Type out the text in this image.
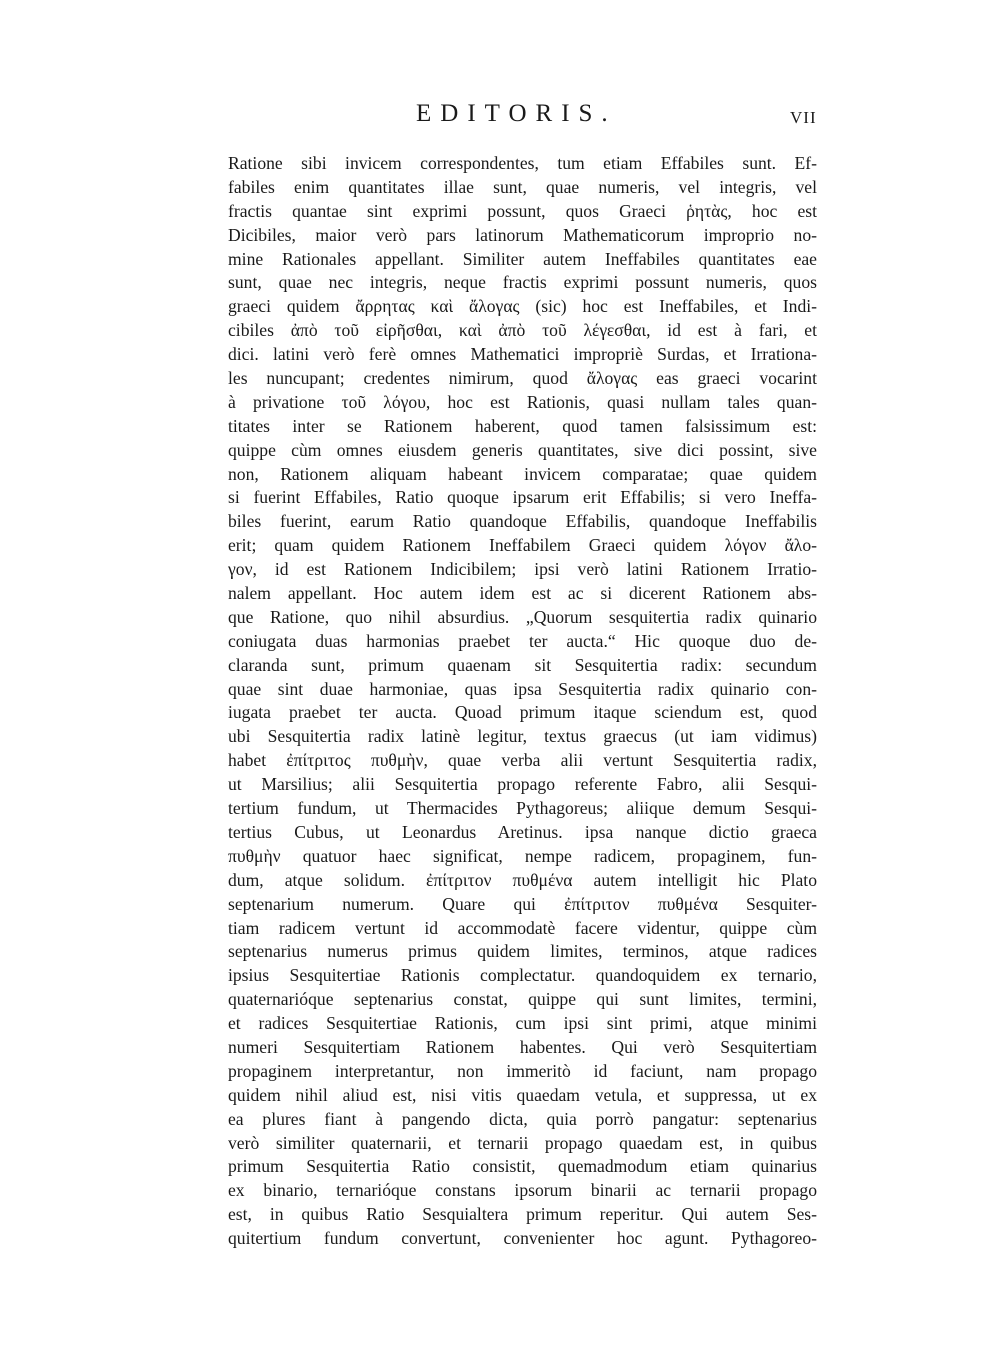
EDITORIS.	VII
Ratione sibi invicem correspondentes, tum etiam Effabiles sunt. Ef-
fabiles enim quantitates illae sunt, quae numeris, vel integris, vel
fractis quantae sint exprimi possunt, quos Graeci ῥητὰς, hoc est
Dicibiles, maior verò pars latinorum Mathematicorum improprio no-
mine Rationales appellant. Similiter autem Ineffabiles quantitates eae
sunt, quae nec integris, neque fractis exprimi possunt numeris, quos
graeci quidem ἄρρητας καὶ ἄλογας (sic) hoc est Ineffabiles, et Indi-
cibiles ἀπὸ τοῦ εἰρῆσθαι, καὶ ἀπὸ τοῦ λέγεσθαι, id est à fari, et
dici. latini verò ferè omnes Mathematici impropriè Surdas, et Irrationa-
les nuncupant; credentes nimirum, quod ἄλογας eas graeci vocarint
à privatione τοῦ λόγου, hoc est Rationis, quasi nullam tales quan-
titates inter se Rationem haberent, quod tamen falsissimum est:
quippe cùm omnes eiusdem generis quantitates, sive dici possint, sive
non, Rationem aliquam habeant invicem comparatae; quae quidem
si fuerint Effabiles, Ratio quoque ipsarum erit Effabilis; si vero Ineffa-
biles fuerint, earum Ratio quandoque Effabilis, quandoque Ineffabilis
erit; quam quidem Rationem Ineffabilem Graeci quidem λόγον ἄλο-
γον, id est Rationem Indicibilem; ipsi verò latini Rationem Irratio-
nalem appellant. Hoc autem idem est ac si dicerent Rationem abs-
que Ratione, quo nihil absurdius. „Quorum sesquitertia radix quinario
coniugata duas harmonias praebet ter aucta.“ Hic quoque duo de-
claranda sunt, primum quaenam sit Sesquitertia radix: secundum
quae sint duae harmoniae, quas ipsa Sesquitertia radix quinario con-
iugata praebet ter aucta. Quoad primum itaque sciendum est, quod
ubi Sesquitertia radix latinè legitur, textus graecus (ut iam vidimus)
habet ἐπίτριτος πυθμὴν, quae verba alii vertunt Sesquitertia radix,
ut Marsilius; alii Sesquitertia propago referente Fabro, alii Sesqui-
tertium fundum, ut Thermacides Pythagoreus; aliique demum Sesqui-
tertius Cubus, ut Leonardus Aretinus. ipsa nanque dictio graeca
πυθμὴν quatuor haec significat, nempe radicem, propaginem, fun-
dum, atque solidum. ἐπίτριτον πυθμένα autem intelligit hic Plato
septenarium numerum. Quare qui ἐπίτριτον πυθμένα Sesquiter-
tiam radicem vertunt id accommodatè facere videntur, quippe cùm
septenarius numerus primus quidem limites, terminos, atque radices
ipsius Sesquitertiae Rationis complectatur. quandoquidem ex ternario,
quaternarióque septenarius constat, quippe qui sunt limites, termini,
et radices Sesquitertiae Rationis, cum ipsi sint primi, atque minimi
numeri Sesquitertiam Rationem habentes. Qui verò Sesquitertiam
propaginem interpretantur, non immeritò id faciunt, nam propago
quidem nihil aliud est, nisi vitis quaedam vetula, et suppressa, ut ex
ea plures fiant à pangendo dicta, quia porrò pangatur: septenarius
verò similiter quaternarii, et ternarii propago quaedam est, in quibus
primum Sesquitertia Ratio consistit, quemadmodum etiam quinarius
ex binario, ternarióque constans ipsorum binarii ac ternarii propago
est, in quibus Ratio Sesquialtera primum reperitur. Qui autem Ses-
quitertium fundum convertunt, convenienter hoc agunt. Pythagoreo-
